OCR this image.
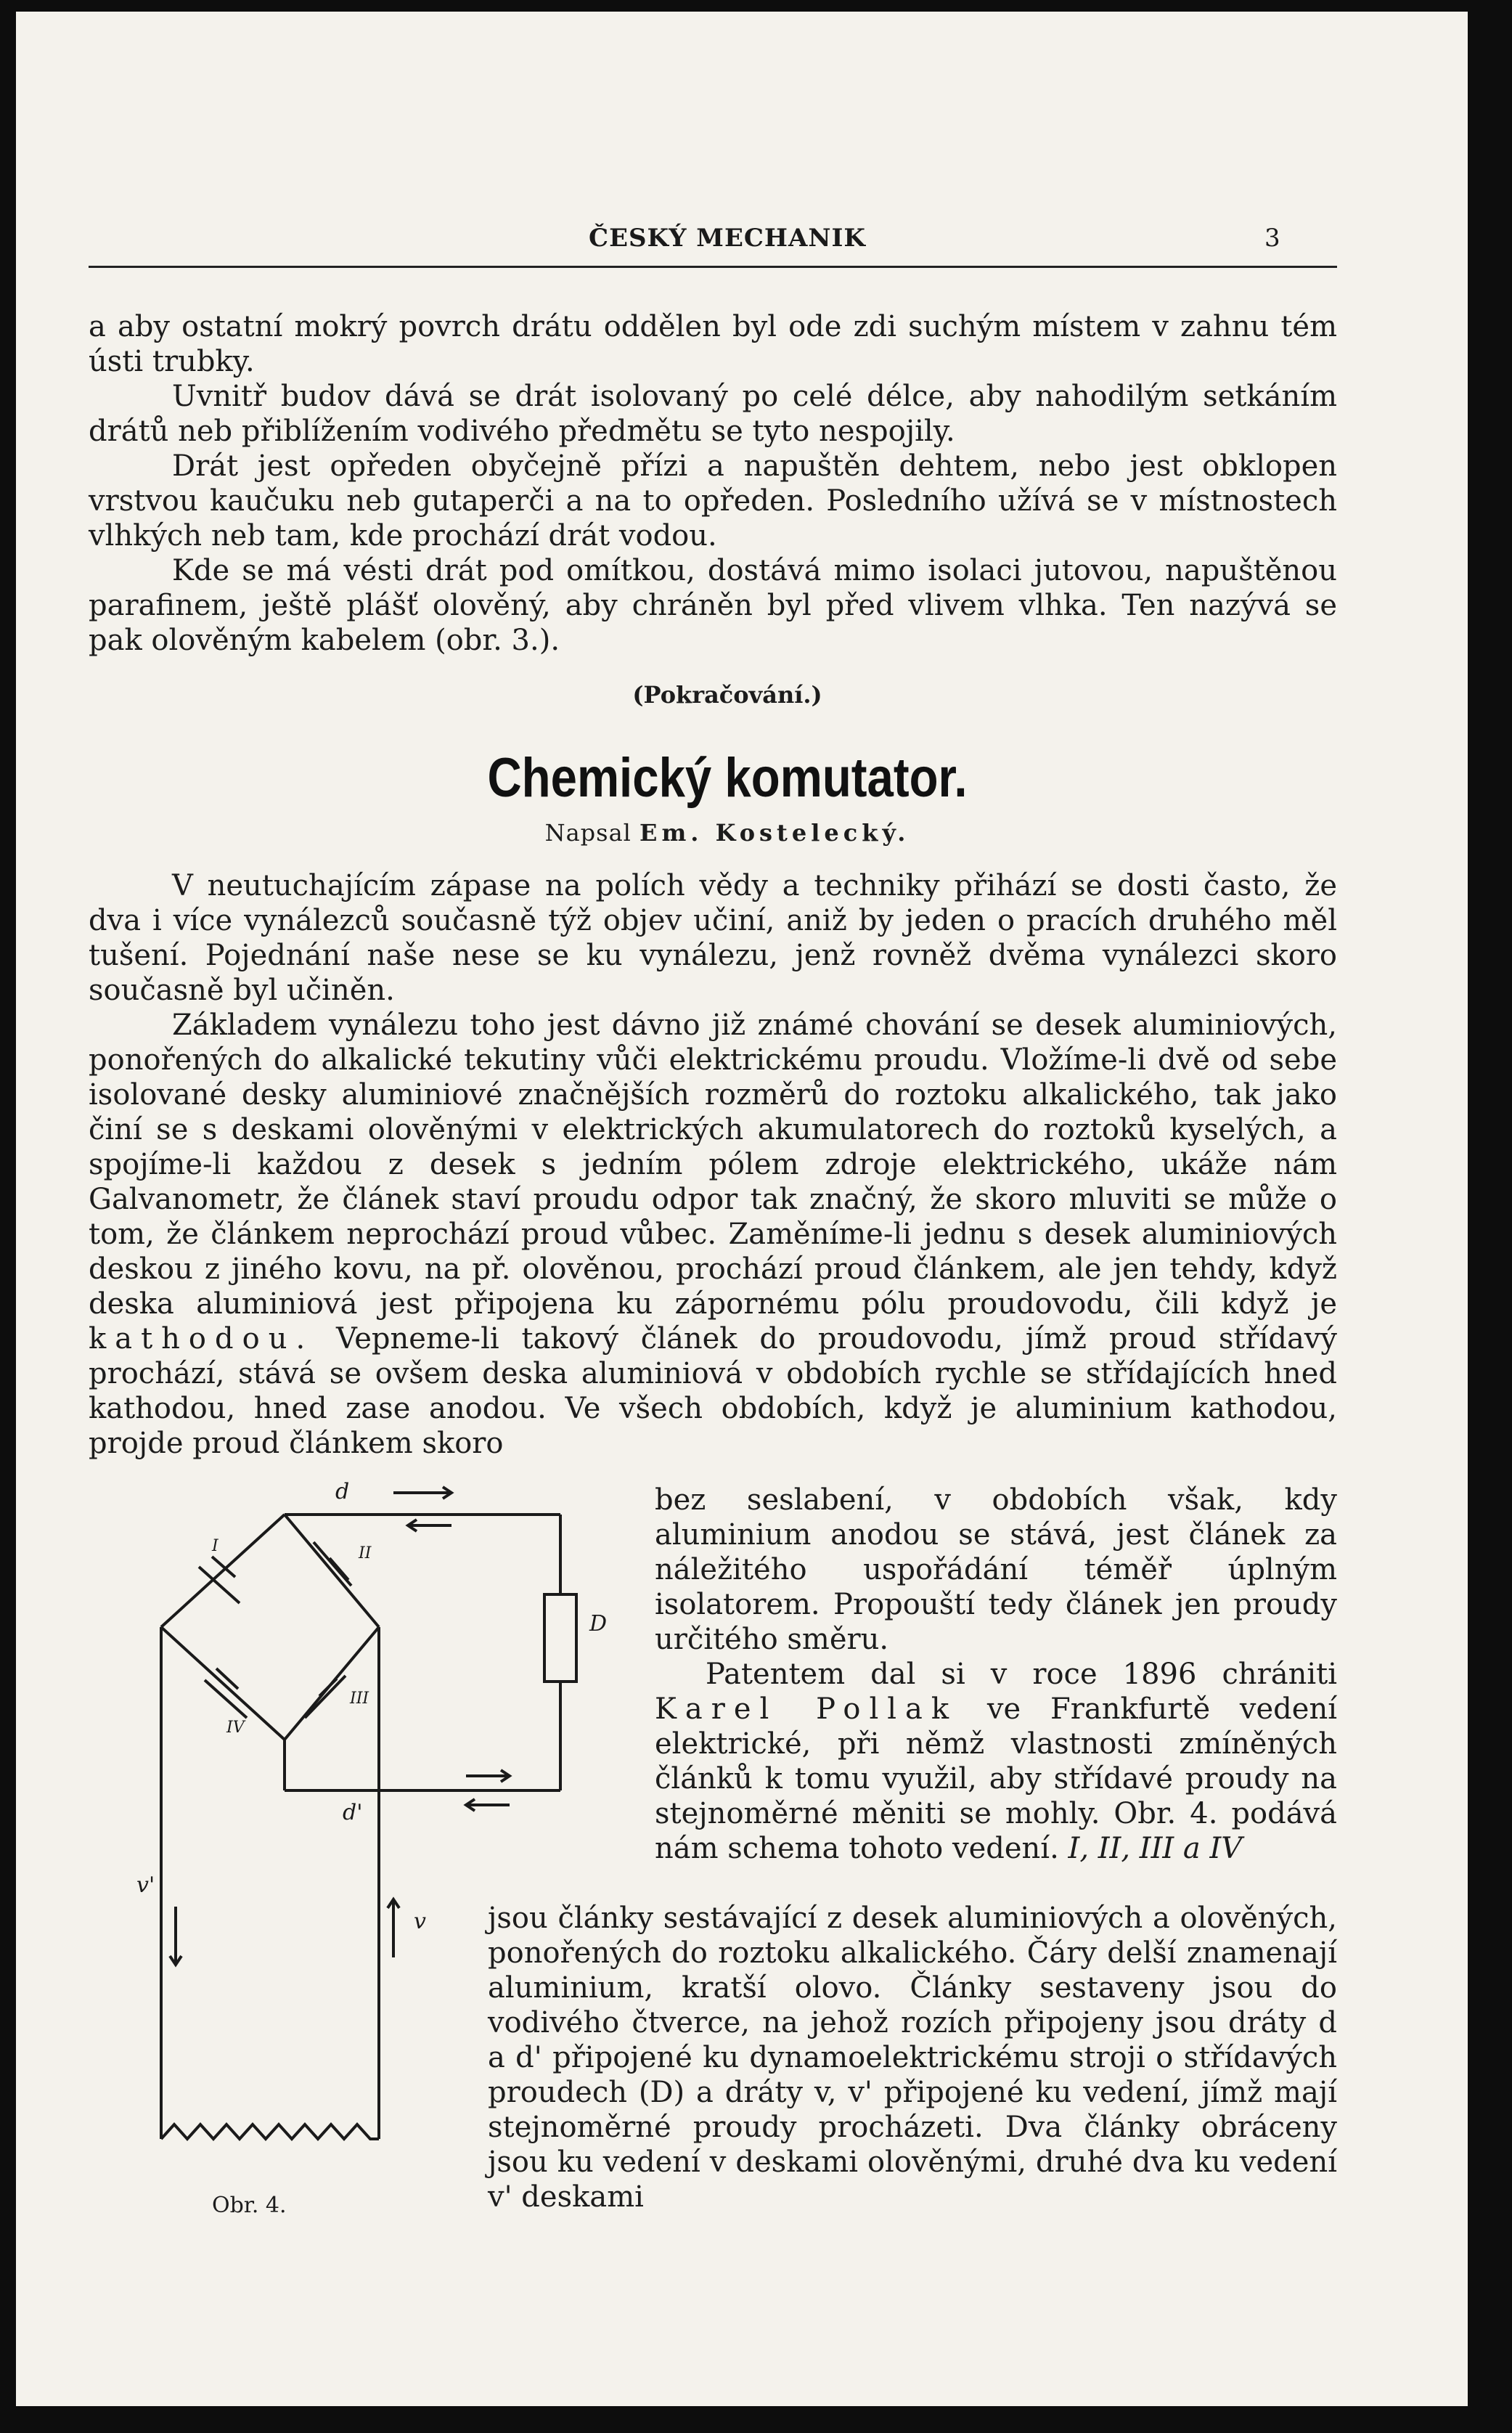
ČESKÝ MECHANIK	3

a aby ostatní mokrý povrch drátu oddělen byl ode zdi suchým místem v zahnu tém ústi trubky.

Uvnitř budov dává se drát isolovaný po celé délce, aby nahodilým setkáním drátů neb přiblížením vodivého předmětu se tyto nespojily.

Drát jest opředen obyčejně přízi a napuštěn dehtem, nebo jest obklopen vrstvou kaučuku neb gutaperči a na to opředen. Posledního užívá se v místnostech vlhkých neb tam, kde prochází drát vodou.

Kde se má vésti drát pod omítkou, dostává mimo isolaci jutovou, napuštěnou parafinem, ještě plášť olověný, aby chráněn byl před vlivem vlhka. Ten nazývá se pak olověným kabelem (obr. 3.).

(Pokračování.)
Chemický komutator.
Napsal Em. Kostelecký.

V neutuchajícím zápase na polích vědy a techniky přihází se dosti často, že dva i více vynálezců současně týž objev učiní, aniž by jeden o pracích druhého měl tušení. Pojednání naše nese se ku vynálezu, jenž rovněž dvěma vynálezci skoro současně byl učiněn.

Základem vynálezu toho jest dávno již známé chování se desek aluminiových, ponořených do alkalické tekutiny vůči elektrickému proudu. Vložíme-li dvě od sebe isolované desky aluminiové značnějších rozměrů do roztoku alkalického, tak jako činí se s deskami olověnými v elektrických akumulatorech do roztoků kyselých, a spojíme-li každou z desek s jedním pólem zdroje elektrického, ukáže nám Galvanometr, že článek staví proudu odpor tak značný, že skoro mluviti se může o tom, že článkem neprochází proud vůbec. Zaměníme-li jednu s desek aluminiových deskou z jiného kovu, na př. olověnou, prochází proud článkem, ale jen tehdy, když deska aluminiová jest připojena ku zápornému pólu proudovodu, čili když je kathodou. Vepneme-li takový článek do proudovodu, jímž proud střídavý prochází, stává se ovšem deska aluminiová v obdobích rychle se střídajících hned kathodou, hned zase anodou. Ve všech obdobích, když je aluminium kathodou, projde proud článkem skoro

bez seslabení, v obdobích však, kdy aluminium anodou se stává, jest článek za náležitého uspořádání téměř úplným isolatorem. Propouští tedy článek jen proudy určitého směru.

Patentem dal si v roce 1896 chrániti Karel Pollak ve Frankfurtě vedení elektrické, při němž vlastnosti zmíněných článků k tomu využil, aby střídavé proudy na stejnoměrné měniti se mohly. Obr. 4. podává nám schema tohoto vedení. I, II, III a IV

jsou články sestávající z desek aluminiových a olověných, ponořených do roztoku alkalického. Čáry delší znamenají aluminium, kratší olovo. Články sestaveny jsou do vodivého čtverce, na jehož rozích připojeny jsou dráty d a d' připojené ku dynamoelektrickému stroji o střídavých proudech (D) a dráty v, v' připojené ku vedení, jímž mají stejnoměrné proudy procházeti. Dva články obráceny jsou ku vedení v deskami olověnými, druhé dva ku vedení v' deskami
d
D
d'
v
v'
I	II
III
IV
Obr. 4.
